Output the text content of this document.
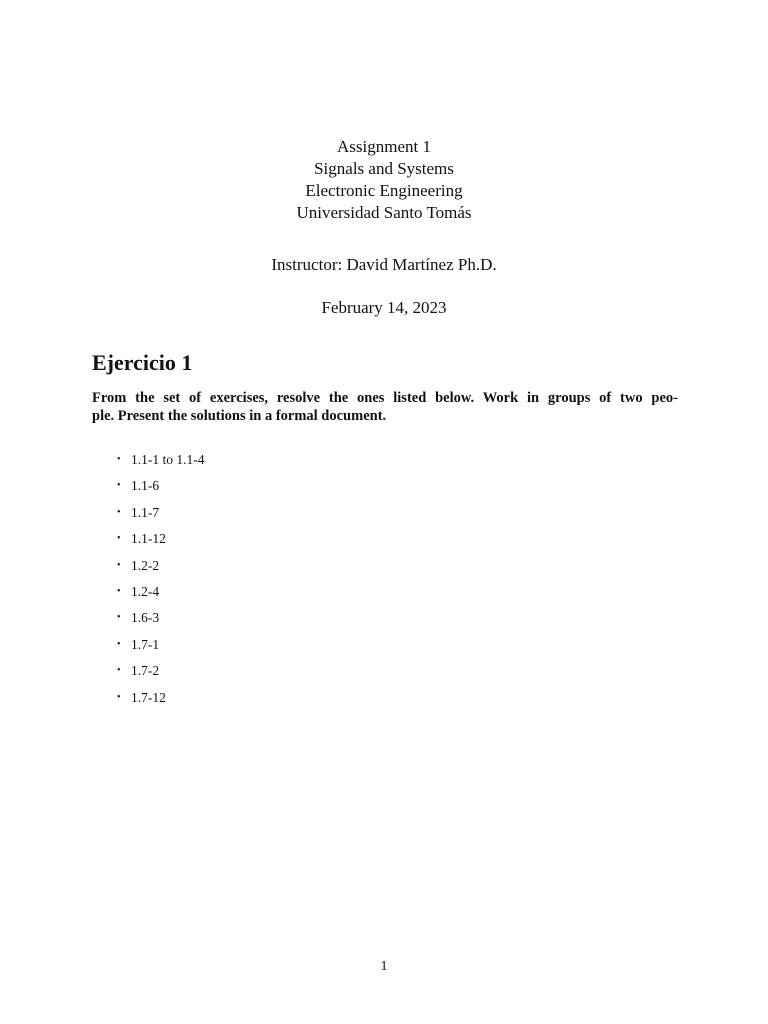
Assignment 1
Signals and Systems
Electronic Engineering
Universidad Santo Tomás
Instructor: David Martínez Ph.D.
February 14, 2023
Ejercicio 1

From the set of exercises, resolve the ones listed below. Work in groups of two peo-
ple. Present the solutions in a formal document.

• 1.1-1 to 1.1-4
• 1.1-6
• 1.1-7
• 1.1-12
• 1.2-2
• 1.2-4
• 1.6-3
• 1.7-1
• 1.7-2
• 1.7-12
1
